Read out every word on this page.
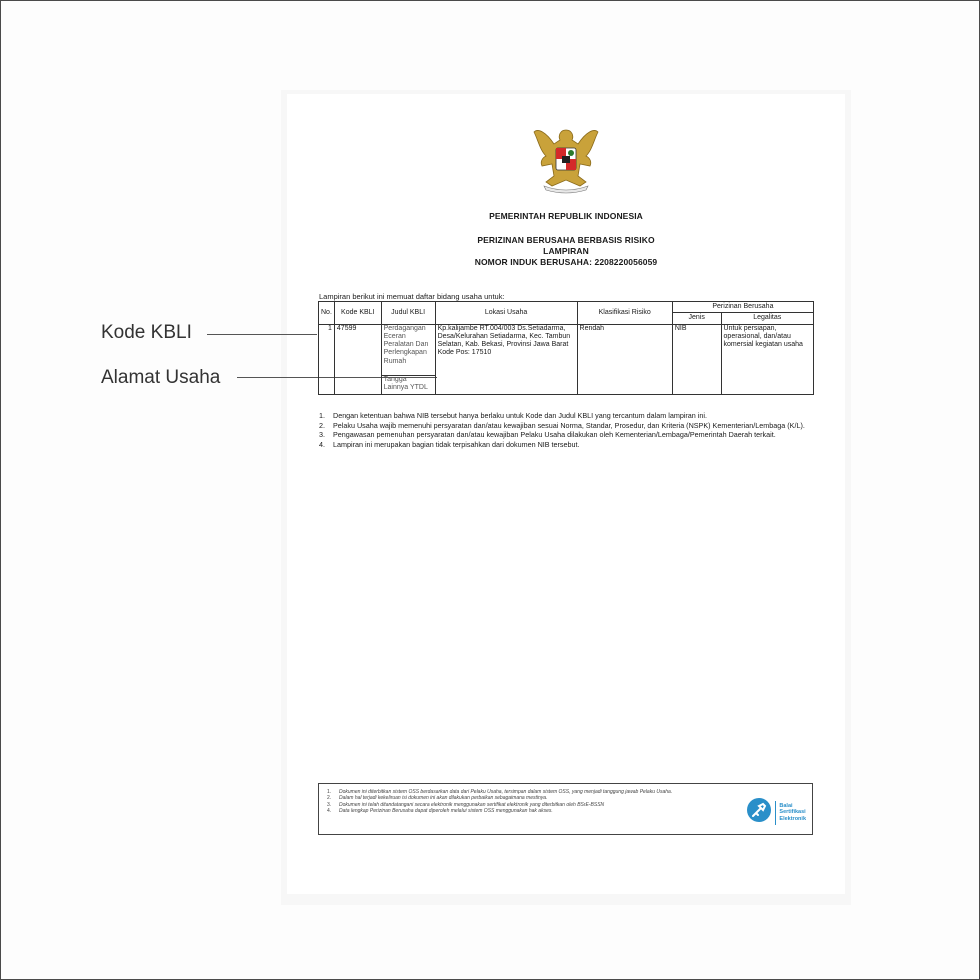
Kode KBLI
Alamat Usaha
PEMERINTAH REPUBLIK INDONESIA
PERIZINAN BERUSAHA BERBASIS RISIKO
LAMPIRAN
NOMOR INDUK BERUSAHA: 2208220056059
Lampiran berikut ini memuat daftar bidang usaha untuk:
No.	Kode KBLI	Judul KBLI	Lokasi Usaha	Klasifikasi Risiko	Perizinan Berusaha	
					Jenis	Legalitas
1	47599	Perdagangan Eceran Peralatan Dan Perlengkapan Rumah	Kp.kalijambe RT.004/003 Ds.Setiadarma, Desa/Kelurahan Setiadarma, Kec. Tambun Selatan, Kab. Bekasi, Provinsi Jawa Barat Kode Pos: 17510	Rendah	NIB	Untuk persiapan, operasional, dan/atau komersial kegiatan usaha
		Tangga Lainnya YTDL				
1.	Dengan ketentuan bahwa NIB tersebut hanya berlaku untuk Kode dan Judul KBLI yang tercantum dalam lampiran ini.
2.	Pelaku Usaha wajib memenuhi persyaratan dan/atau kewajiban sesuai Norma, Standar, Prosedur, dan Kriteria (NSPK) Kementerian/Lembaga (K/L).
3.	Pengawasan pemenuhan persyaratan dan/atau kewajiban Pelaku Usaha dilakukan oleh Kementerian/Lembaga/Pemerintah Daerah terkait.
4.	Lampiran ini merupakan bagian tidak terpisahkan dari dokumen NIB tersebut.
1.	Dokumen ini diterbitkan sistem OSS berdasarkan data dari Pelaku Usaha, tersimpan dalam sistem OSS, yang menjadi tanggung jawab Pelaku Usaha.
2.	Dalam hal terjadi kekeliruan isi dokumen ini akan dilakukan perbaikan sebagaimana mestinya.
3.	Dokumen ini telah ditandatangani secara elektronik menggunakan sertifikat elektronik yang diterbitkan oleh BSrE-BSSN
4.	Data lengkap Perizinan Berusaha dapat diperoleh melalui sistem OSS menggunakan hak akses.
Balai
Sertifikasi
Elektronik
